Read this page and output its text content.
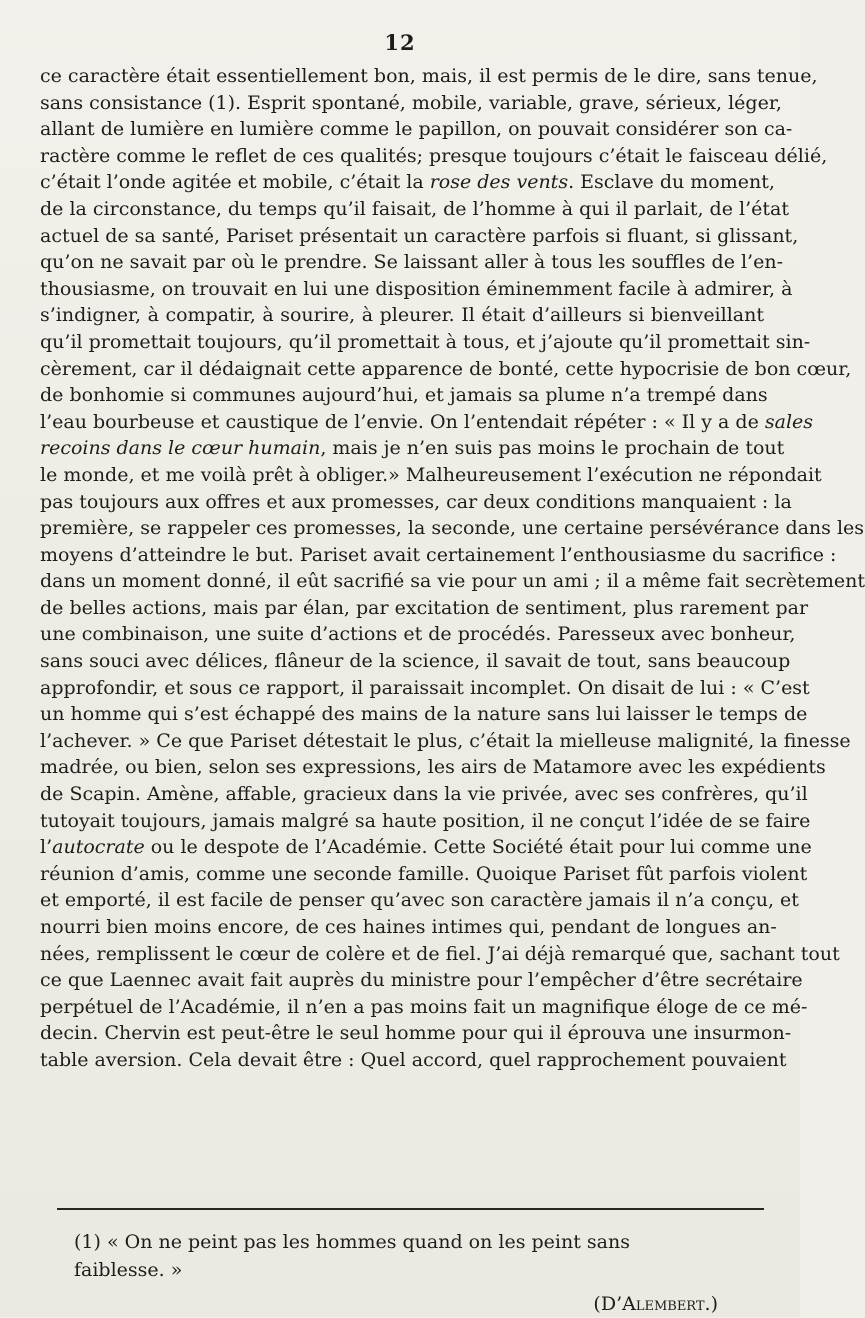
12
ce caractère était essentiellement bon, mais, il est permis de le dire, sans tenue,
sans consistance (1). Esprit spontané, mobile, variable, grave, sérieux, léger,
allant de lumière en lumière comme le papillon, on pouvait considérer son ca-
ractère comme le reflet de ces qualités; presque toujours c’était le faisceau délié,
c’était l’onde agitée et mobile, c’était la rose des vents. Esclave du moment,
de la circonstance, du temps qu’il faisait, de l’homme à qui il parlait, de l’état
actuel de sa santé, Pariset présentait un caractère parfois si fluant, si glissant,
qu’on ne savait par où le prendre. Se laissant aller à tous les souffles de l’en-
thousiasme, on trouvait en lui une disposition éminemment facile à admirer, à
s’indigner, à compatir, à sourire, à pleurer. Il était d’ailleurs si bienveillant
qu’il promettait toujours, qu’il promettait à tous, et j’ajoute qu’il promettait sin-
cèrement, car il dédaignait cette apparence de bonté, cette hypocrisie de bon cœur,
de bonhomie si communes aujourd’hui, et jamais sa plume n’a trempé dans
l’eau bourbeuse et caustique de l’envie. On l’entendait répéter : « Il y a de sales
recoins dans le cœur humain, mais je n’en suis pas moins le prochain de tout
le monde, et me voilà prêt à obliger.» Malheureusement l’exécution ne répondait
pas toujours aux offres et aux promesses, car deux conditions manquaient : la
première, se rappeler ces promesses, la seconde, une certaine persévérance dans les
moyens d’atteindre le but. Pariset avait certainement l’enthousiasme du sacrifice :
dans un moment donné, il eût sacrifié sa vie pour un ami ; il a même fait secrètement
de belles actions, mais par élan, par excitation de sentiment, plus rarement par
une combinaison, une suite d’actions et de procédés. Paresseux avec bonheur,
sans souci avec délices, flâneur de la science, il savait de tout, sans beaucoup
approfondir, et sous ce rapport, il paraissait incomplet. On disait de lui : « C’est
un homme qui s’est échappé des mains de la nature sans lui laisser le temps de
l’achever. » Ce que Pariset détestait le plus, c’était la mielleuse malignité, la finesse
madrée, ou bien, selon ses expressions, les airs de Matamore avec les expédients
de Scapin. Amène, affable, gracieux dans la vie privée, avec ses confrères, qu’il
tutoyait toujours, jamais malgré sa haute position, il ne conçut l’idée de se faire
l’autocrate ou le despote de l’Académie. Cette Société était pour lui comme une
réunion d’amis, comme une seconde famille. Quoique Pariset fût parfois violent
et emporté, il est facile de penser qu’avec son caractère jamais il n’a conçu, et
nourri bien moins encore, de ces haines intimes qui, pendant de longues an-
nées, remplissent le cœur de colère et de fiel. J’ai déjà remarqué que, sachant tout
ce que Laennec avait fait auprès du ministre pour l’empêcher d’être secrétaire
perpétuel de l’Académie, il n’en a pas moins fait un magnifique éloge de ce mé-
decin. Chervin est peut-être le seul homme pour qui il éprouva une insurmon-
table aversion. Cela devait être : Quel accord, quel rapprochement pouvaient
(1) « On ne peint pas les hommes quand on les peint sans faiblesse. »
(D’Alembert.)
